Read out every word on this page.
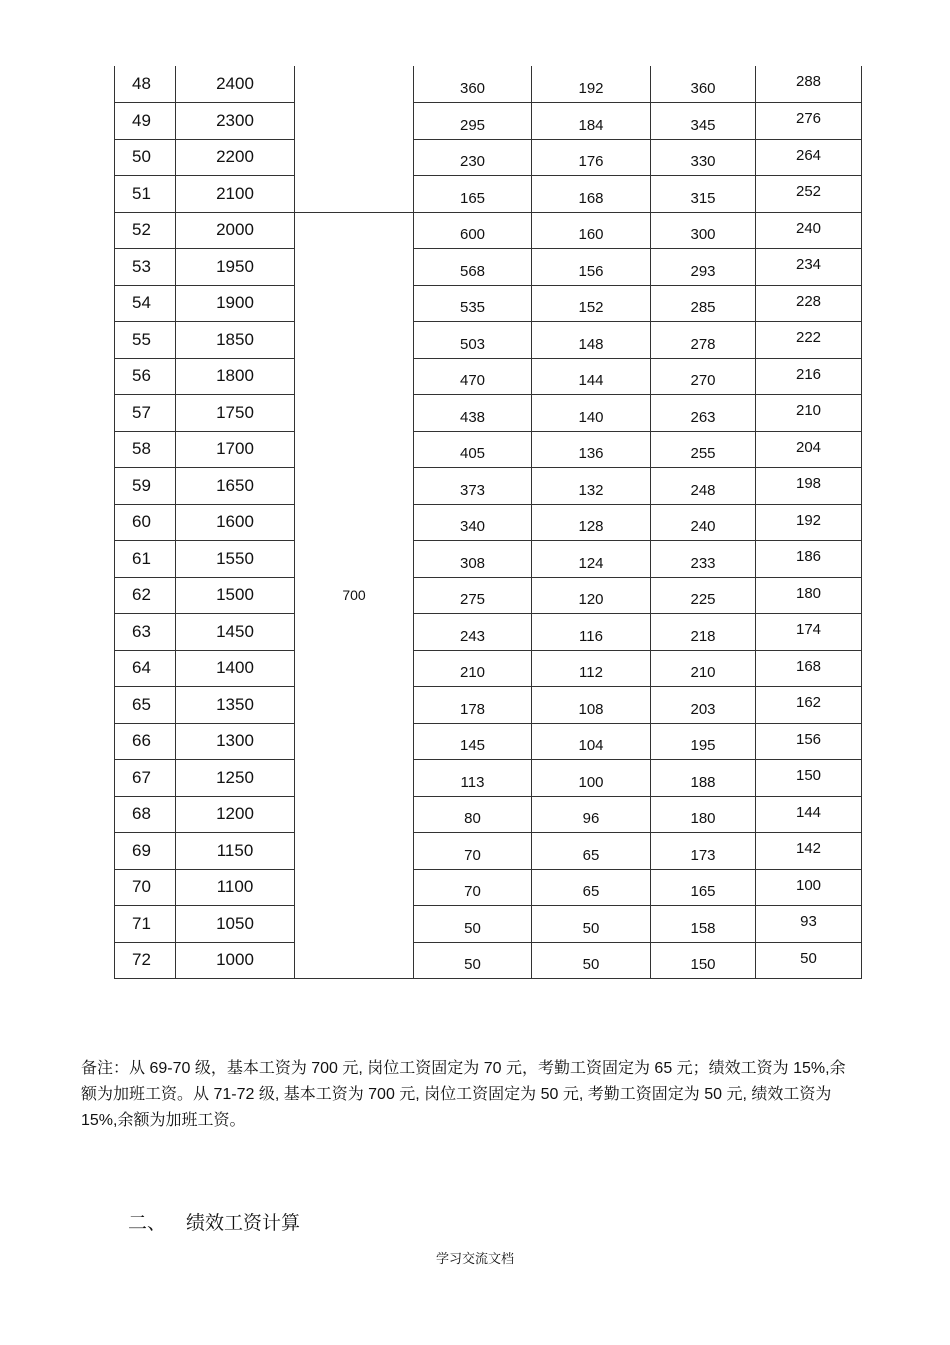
48	2400		360	192	360	288
49	2300		295	184	345	276
50	2200		230	176	330	264
51	2100		165	168	315	252
52	2000	700	600	160	300	240
53	1950		568	156	293	234
54	1900		535	152	285	228
55	1850		503	148	278	222
56	1800		470	144	270	216
57	1750		438	140	263	210
58	1700		405	136	255	204
59	1650		373	132	248	198
60	1600		340	128	240	192
61	1550		308	124	233	186
62	1500		275	120	225	180
63	1450		243	116	218	174
64	1400		210	112	210	168
65	1350		178	108	203	162
66	1300		145	104	195	156
67	1250		113	100	188	150
68	1200		80	96	180	144
69	1150		70	65	173	142
70	1100		70	65	165	100
71	1050		50	50	158	93
72	1000		50	50	150	50

备注：从 69-70 级，基本工资为 700 元, 岗位工资固定为 70 元，考勤工资固定为 65 元；绩效工资为 15%,余额为加班工资。从 71-72 级, 基本工资为 700 元, 岗位工资固定为 50 元, 考勤工资固定为 50 元, 绩效工资为 15%,余额为加班工资。

二、 绩效工资计算
学习交流文档
